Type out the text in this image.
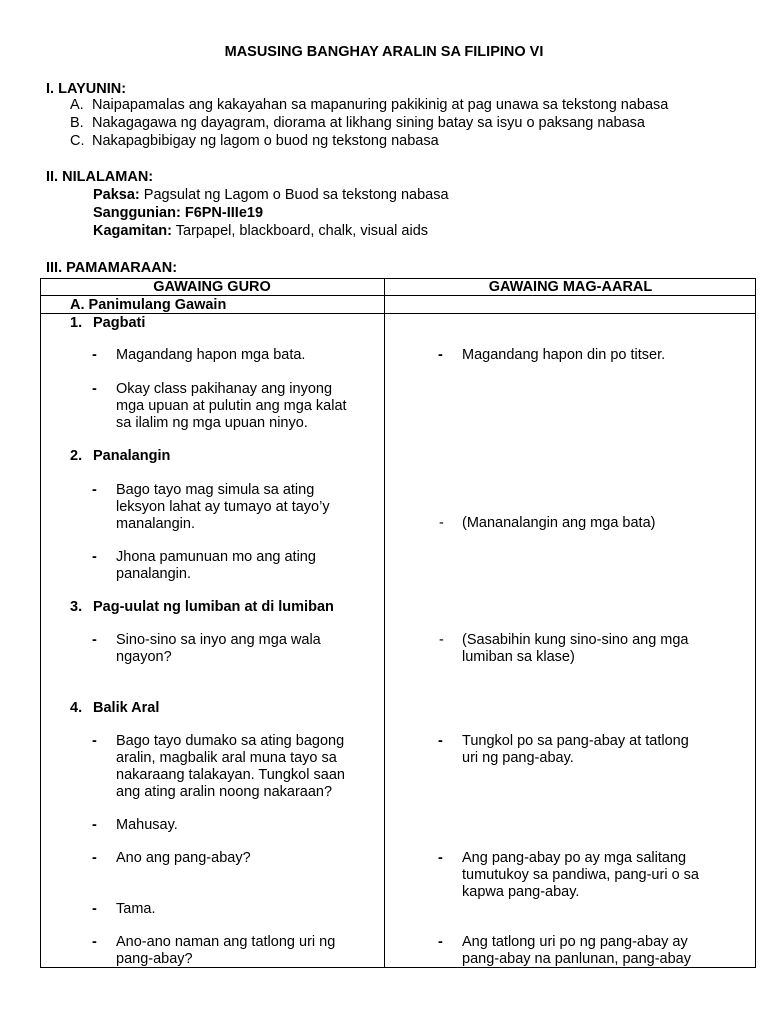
MASUSING BANGHAY ARALIN SA FILIPINO VI
I. LAYUNIN:
A. Naipapamalas ang kakayahan sa mapanuring pakikinig at pag unawa sa tekstong nabasa
B. Nakagagawa ng dayagram, diorama at likhang sining batay sa isyu o paksang nabasa
C. Nakapagbibigay ng lagom o buod ng tekstong nabasa
II. NILALAMAN:
Paksa: Pagsulat ng Lagom o Buod sa tekstong nabasa
Sanggunian: F6PN-IIIe19
Kagamitan: Tarpapel, blackboard, chalk, visual aids
III. PAMAMARAAN:
GAWAING GURO	GAWAING MAG-AARAL
A. Panimulang Gawain
1. Pagbati
2. Panalangin
3. Pag-uulat ng lumiban at di lumiban
4. Balik Aral
- Magandang hapon mga bata.
- Okay class pakihanay ang inyong
mga upuan at pulutin ang mga kalat
sa ilalim ng mga upuan ninyo.
- Bago tayo mag simula sa ating
leksyon lahat ay tumayo at tayo’y
manalangin.
- Jhona pamunuan mo ang ating
panalangin.
- Sino-sino sa inyo ang mga wala
ngayon?
- Bago tayo dumako sa ating bagong
aralin, magbalik aral muna tayo sa
nakaraang talakayan. Tungkol saan
ang ating aralin noong nakaraan?
- Mahusay.
- Ano ang pang-abay?
- Tama.
- Ano-ano naman ang tatlong uri ng
pang-abay?
- Magandang hapon din po titser.
- (Mananalangin ang mga bata)
- (Sasabihin kung sino-sino ang mga
lumiban sa klase)
- Tungkol po sa pang-abay at tatlong
uri ng pang-abay.
- Ang pang-abay po ay mga salitang
tumutukoy sa pandiwa, pang-uri o sa
kapwa pang-abay.
- Ang tatlong uri po ng pang-abay ay
pang-abay na panlunan, pang-abay
